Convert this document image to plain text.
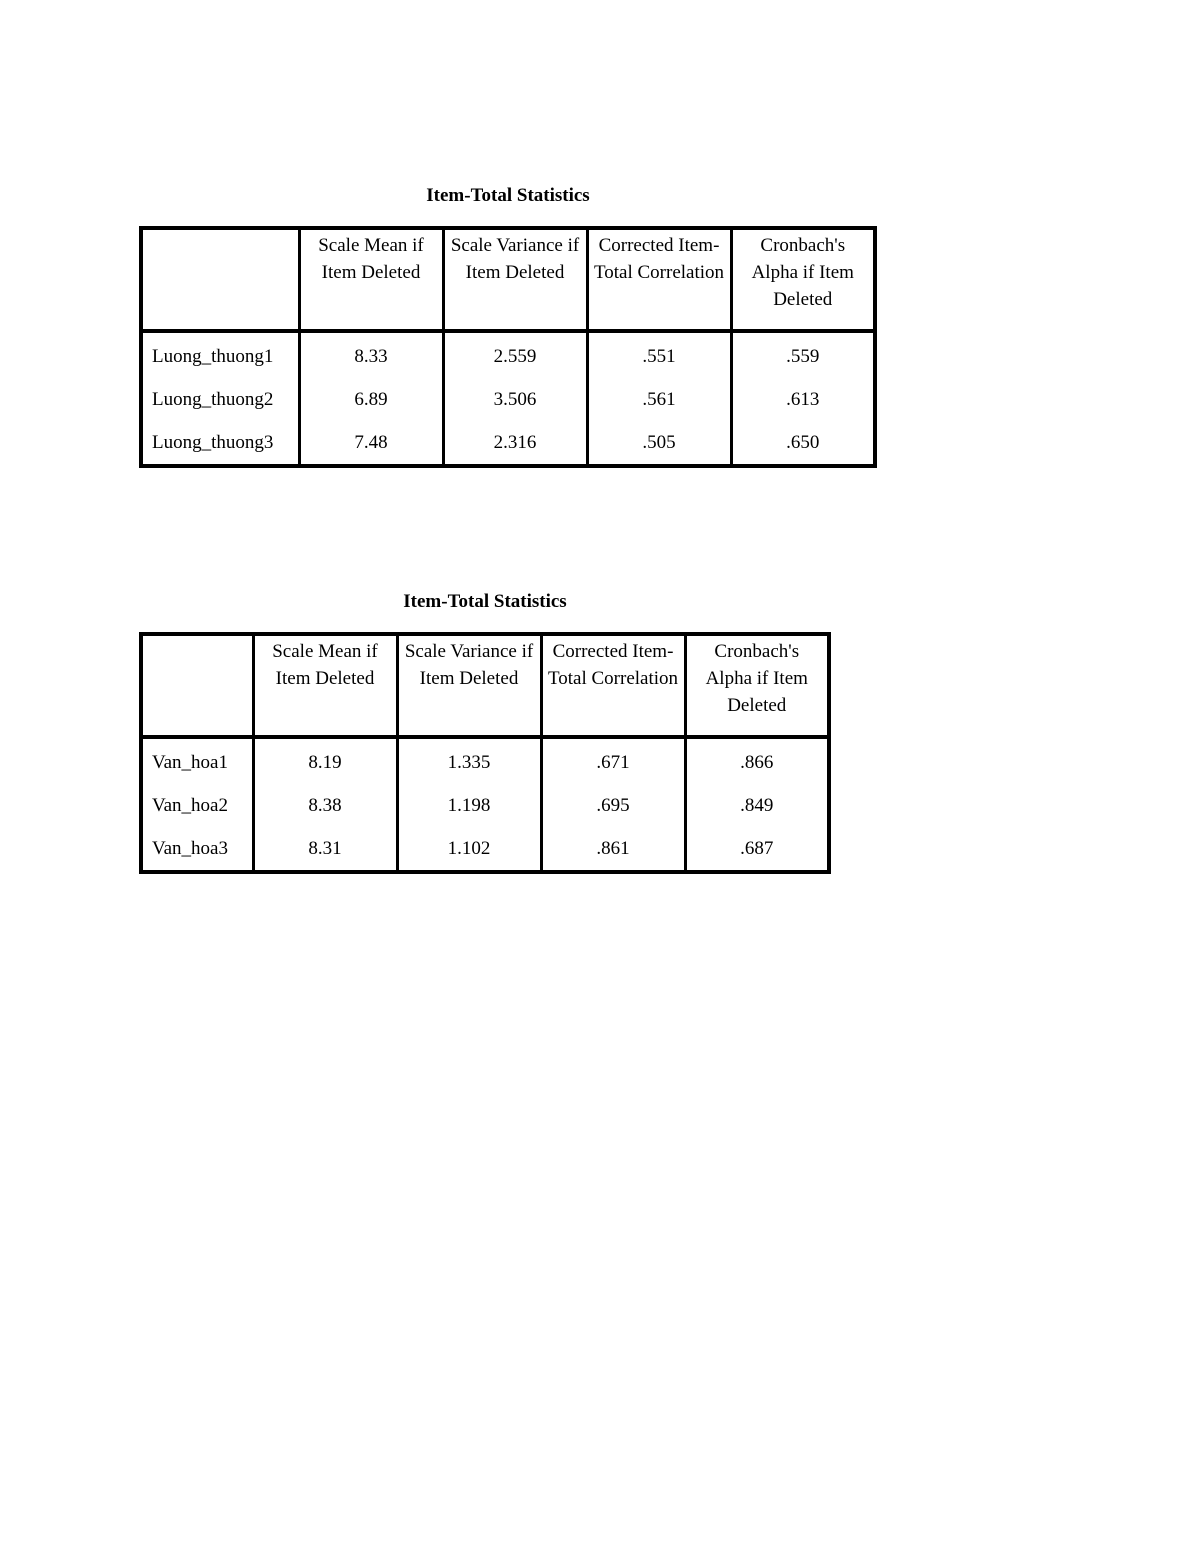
Item-Total Statistics
	Scale Mean if Item Deleted	Scale Variance if Item Deleted	Corrected Item-Total Correlation	Cronbach's Alpha if Item Deleted
Luong_thuong1	8.33	2.559	.551	.559
Luong_thuong2	6.89	3.506	.561	.613
Luong_thuong3	7.48	2.316	.505	.650
Item-Total Statistics
	Scale Mean if Item Deleted	Scale Variance if Item Deleted	Corrected Item-Total Correlation	Cronbach's Alpha if Item Deleted
Van_hoa1	8.19	1.335	.671	.866
Van_hoa2	8.38	1.198	.695	.849
Van_hoa3	8.31	1.102	.861	.687
